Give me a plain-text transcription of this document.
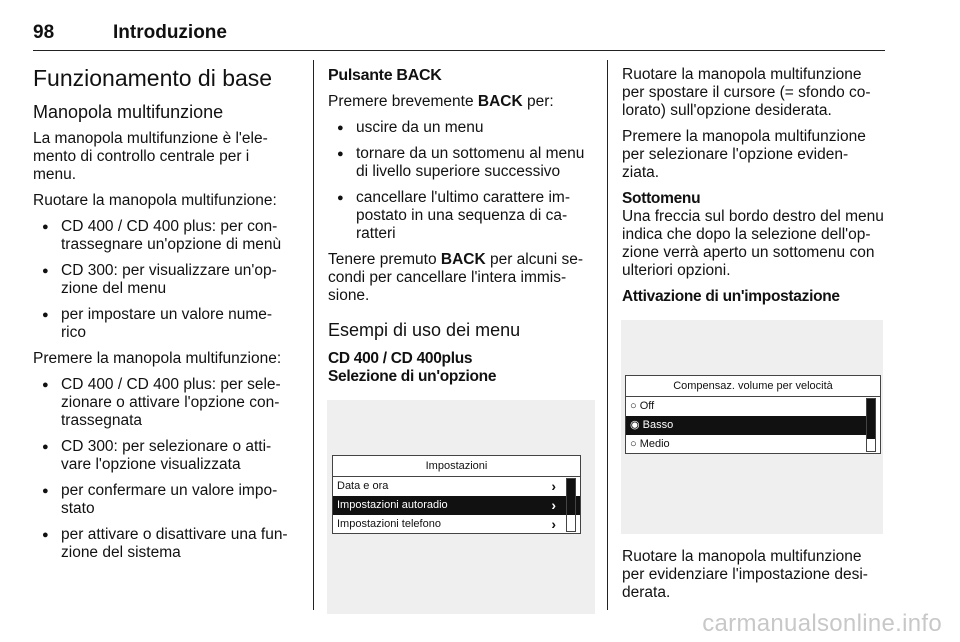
98	Introduzione
Funzionamento di base
Manopola multifunzione

La manopola multifunzione è l'ele-
mento di controllo centrale per i
menu.

Ruotare la manopola multifunzione:

● CD 400 / CD 400 plus: per con-
trassegnare un'opzione di menù
● CD 300: per visualizzare un'op-
zione del menu
● per impostare un valore nume-
rico

Premere la manopola multifunzione:

● CD 400 / CD 400 plus: per sele-
zionare o attivare l'opzione con-
trassegnata
● CD 300: per selezionare o atti-
vare l'opzione visualizzata
● per confermare un valore impo-
stato
● per attivare o disattivare una fun-
zione del sistema
Pulsante BACK

Premere brevemente BACK per:

● uscire da un menu
● tornare da un sottomenu al menu
di livello superiore successivo
● cancellare l'ultimo carattere im-
postato in una sequenza di ca-
ratteri

Tenere premuto BACK per alcuni se-
condi per cancellare l'intera immis-
sione.

Esempi di uso dei menu

CD 400 / CD 400plus

Selezione di un'opzione

Impostazioni
Data e ora	›
Impostazioni autoradio	›
Impostazioni telefono	›

Ruotare la manopola multifunzione
per spostare il cursore (= sfondo co-
lorato) sull'opzione desiderata.

Premere la manopola multifunzione
per selezionare l'opzione eviden-
ziata.

Sottomenu

Una freccia sul bordo destro del menu
indica che dopo la selezione dell'op-
zione verrà aperto un sottomenu con
ulteriori opzioni.

Attivazione di un'impostazione

Compensaz. volume per velocità
○ Off
◉ Basso
○ Medio

Ruotare la manopola multifunzione
per evidenziare l'impostazione desi-
derata.

carmanualsonline.info
